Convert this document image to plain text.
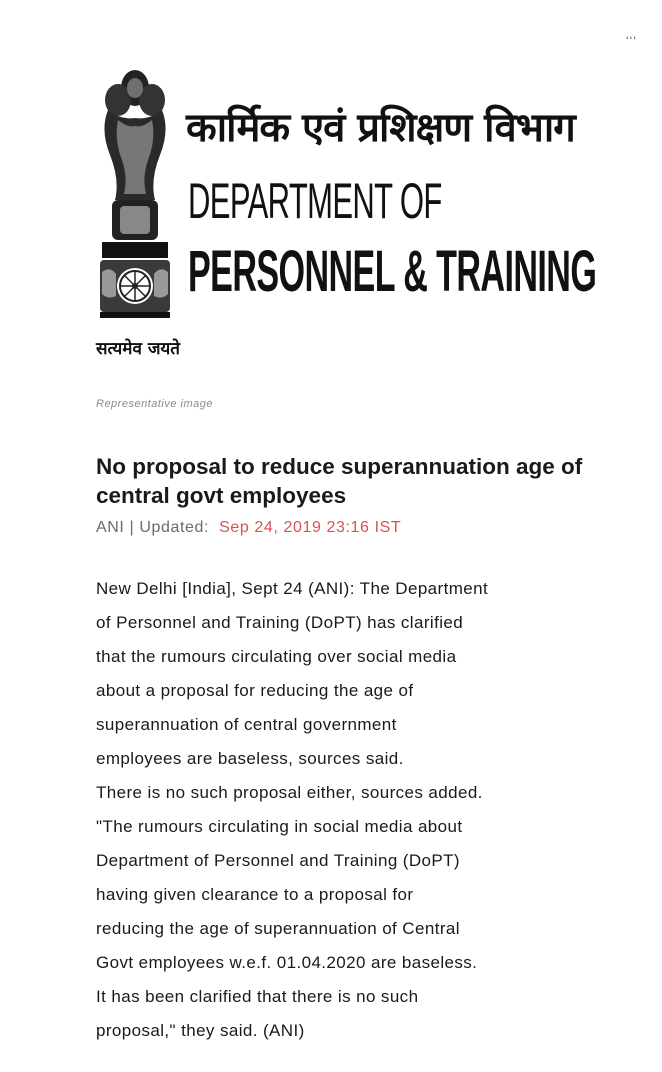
ʻʻʻ
सत्यमेव जयते
कार्मिक एवं प्रशिक्षण विभाग
DEPARTMENT OF
PERSONNEL & TRAINING
Representative image
No proposal to reduce superannuation age of central govt employees
ANI | Updated: Sep 24, 2019 23:16 IST
New Delhi [India], Sept 24 (ANI): The Department
of Personnel and Training (DoPT) has clarified
that the rumours circulating over social media
about a proposal for reducing the age of
superannuation of central government
employees are baseless, sources said.
There is no such proposal either, sources added.
"The rumours circulating in social media about
Department of Personnel and Training (DoPT)
having given clearance to a proposal for
reducing the age of superannuation of Central
Govt employees w.e.f. 01.04.2020 are baseless.
It has been clarified that there is no such
proposal," they said. (ANI)
